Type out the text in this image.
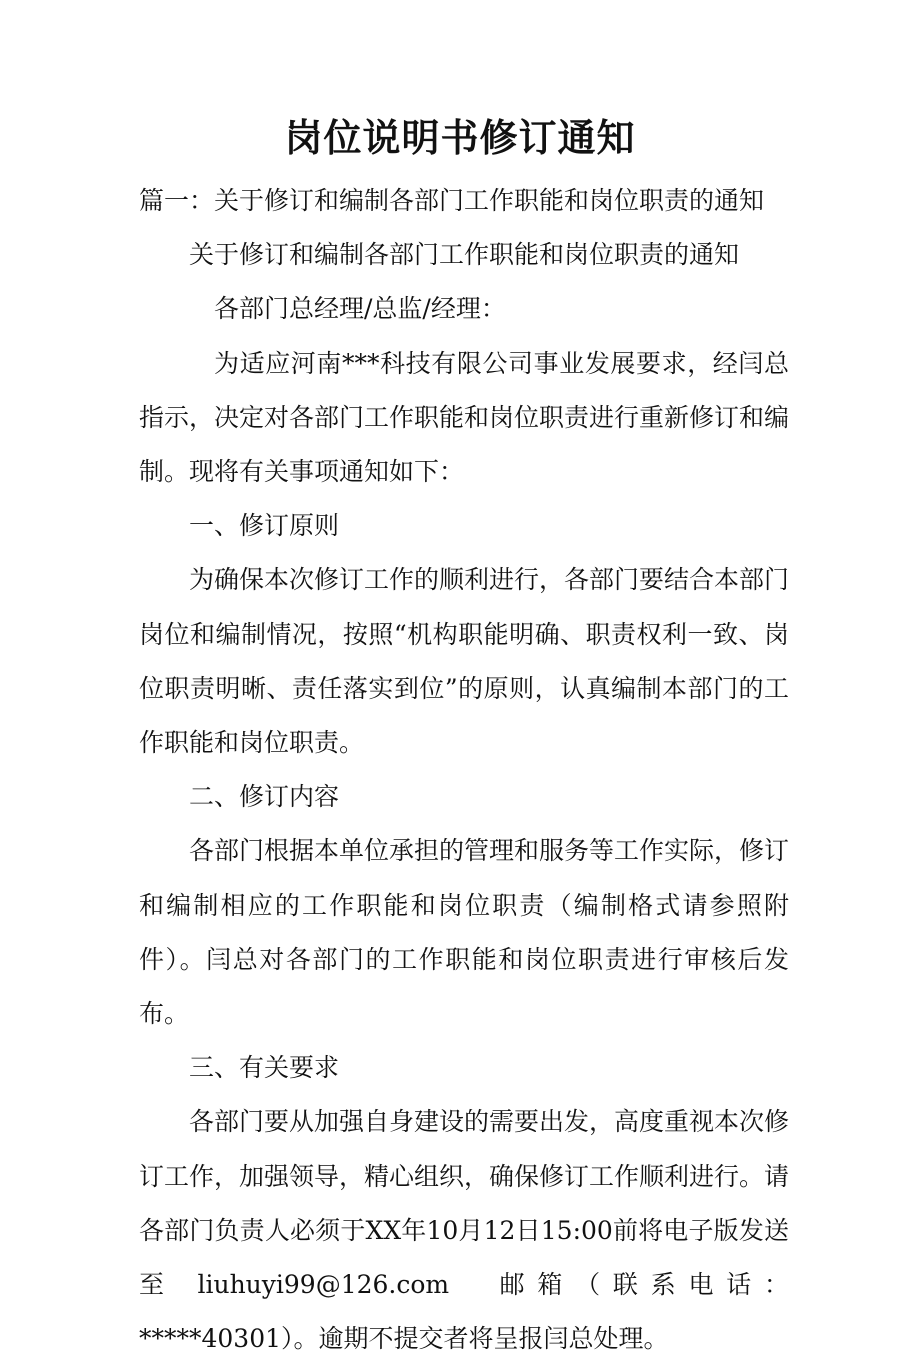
岗位说明书修订通知

篇一：关于修订和编制各部门工作职能和岗位职责的通知

关于修订和编制各部门工作职能和岗位职责的通知

各部门总经理/总监/经理：

为适应河南***科技有限公司事业发展要求，经闫总指示，决定对各部门工作职能和岗位职责进行重新修订和编制。现将有关事项通知如下：

一、修订原则

为确保本次修订工作的顺利进行，各部门要结合本部门岗位和编制情况，按照“机构职能明确、职责权利一致、岗位职责明晰、责任落实到位”的原则，认真编制本部门的工作职能和岗位职责。

二、修订内容

各部门根据本单位承担的管理和服务等工作实际，修订和编制相应的工作职能和岗位职责（编制格式请参照附件）。闫总对各部门的工作职能和岗位职责进行审核后发布。

三、有关要求

各部门要从加强自身建设的需要出发，高度重视本次修订工作，加强领导，精心组织，确保修订工作顺利进行。请各部门负责人必须于XX年10月12日15:00前将电子版发送至 liuhuyi99@126.com　邮箱（联系电话：*****40301）。逾期不提交者将呈报闫总处理。
